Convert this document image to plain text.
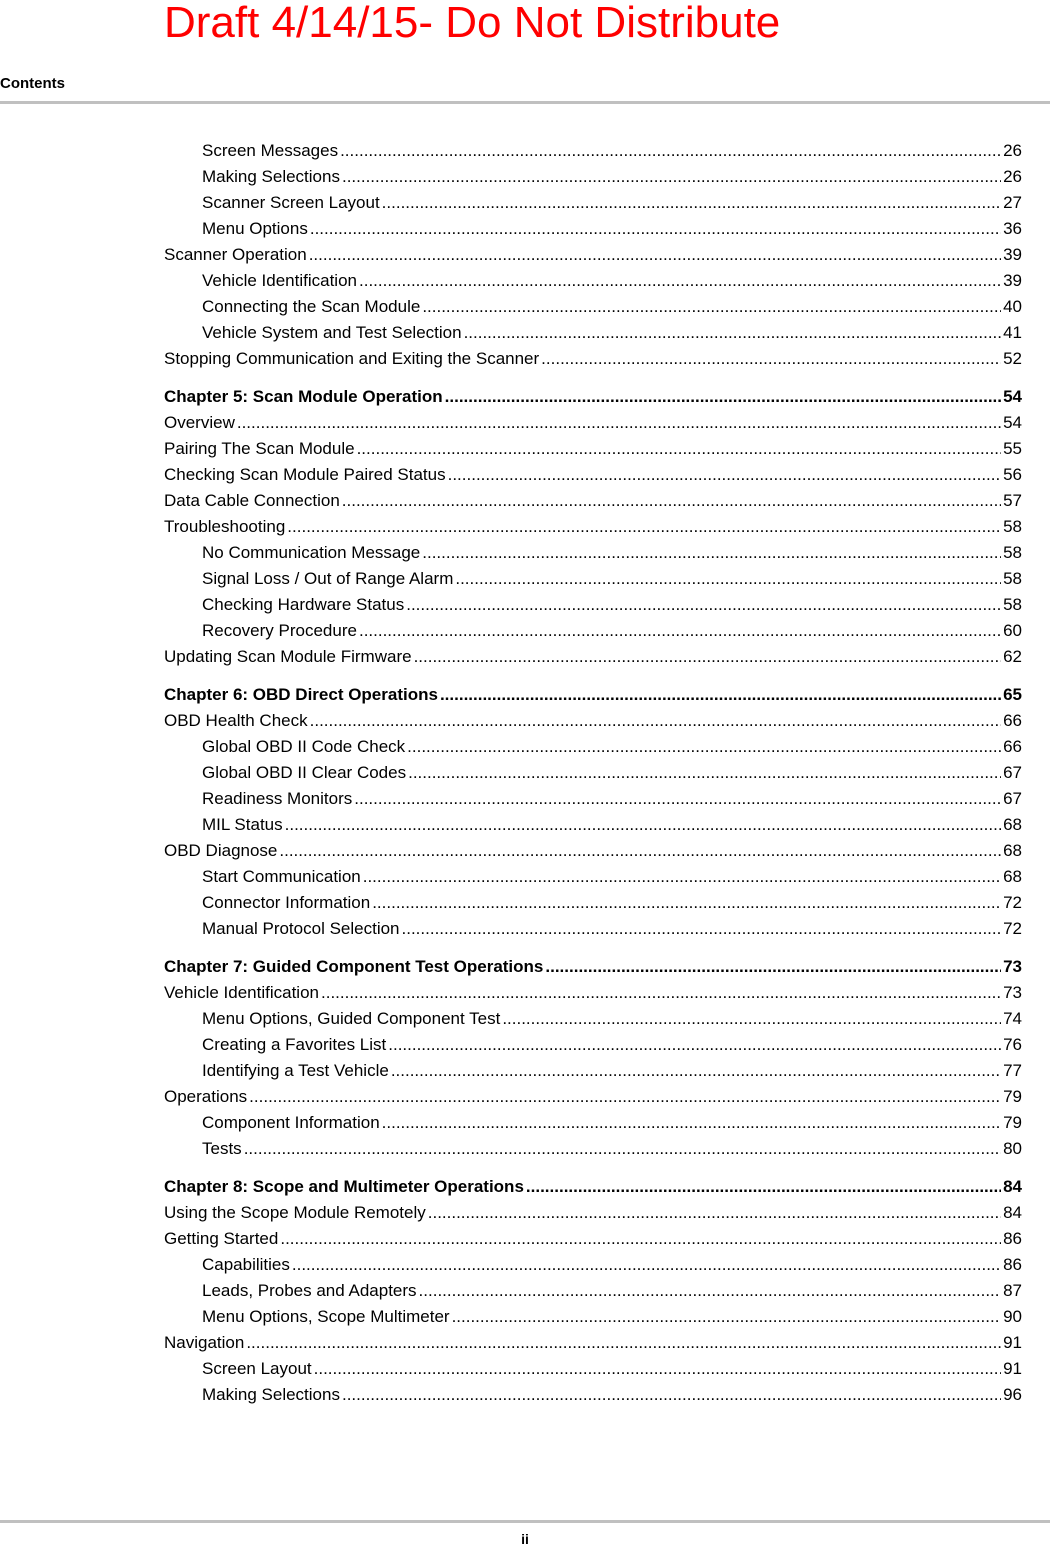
Draft 4/14/15- Do Not Distribute
Contents
Screen Messages .....	26
Making Selections .....	26
Scanner Screen Layout .....	27
Menu Options .....	36
Scanner Operation .....	39
Vehicle Identification .....	39
Connecting the Scan Module .....	40
Vehicle System and Test Selection .....	41
Stopping Communication and Exiting the Scanner .....	52
Chapter 5: Scan Module Operation .....	54
Overview .....	54
Pairing The Scan Module .....	55
Checking Scan Module Paired Status .....	56
Data Cable Connection .....	57
Troubleshooting .....	58
No Communication Message .....	58
Signal Loss / Out of Range Alarm .....	58
Checking Hardware Status .....	58
Recovery Procedure .....	60
Updating Scan Module Firmware .....	62
Chapter 6: OBD Direct Operations .....	65
OBD Health Check .....	66
Global OBD II Code Check .....	66
Global OBD II Clear Codes .....	67
Readiness Monitors .....	67
MIL Status .....	68
OBD Diagnose .....	68
Start Communication .....	68
Connector Information .....	72
Manual Protocol Selection .....	72
Chapter 7: Guided Component Test Operations .....	73
Vehicle Identification .....	73
Menu Options, Guided Component Test .....	74
Creating a Favorites List .....	76
Identifying a Test Vehicle .....	77
Operations .....	79
Component Information .....	79
Tests .....	80
Chapter 8: Scope and Multimeter Operations .....	84
Using the Scope Module Remotely .....	84
Getting Started .....	86
Capabilities .....	86
Leads, Probes and Adapters .....	87
Menu Options, Scope Multimeter .....	90
Navigation .....	91
Screen Layout .....	91
Making Selections .....	96
ii
